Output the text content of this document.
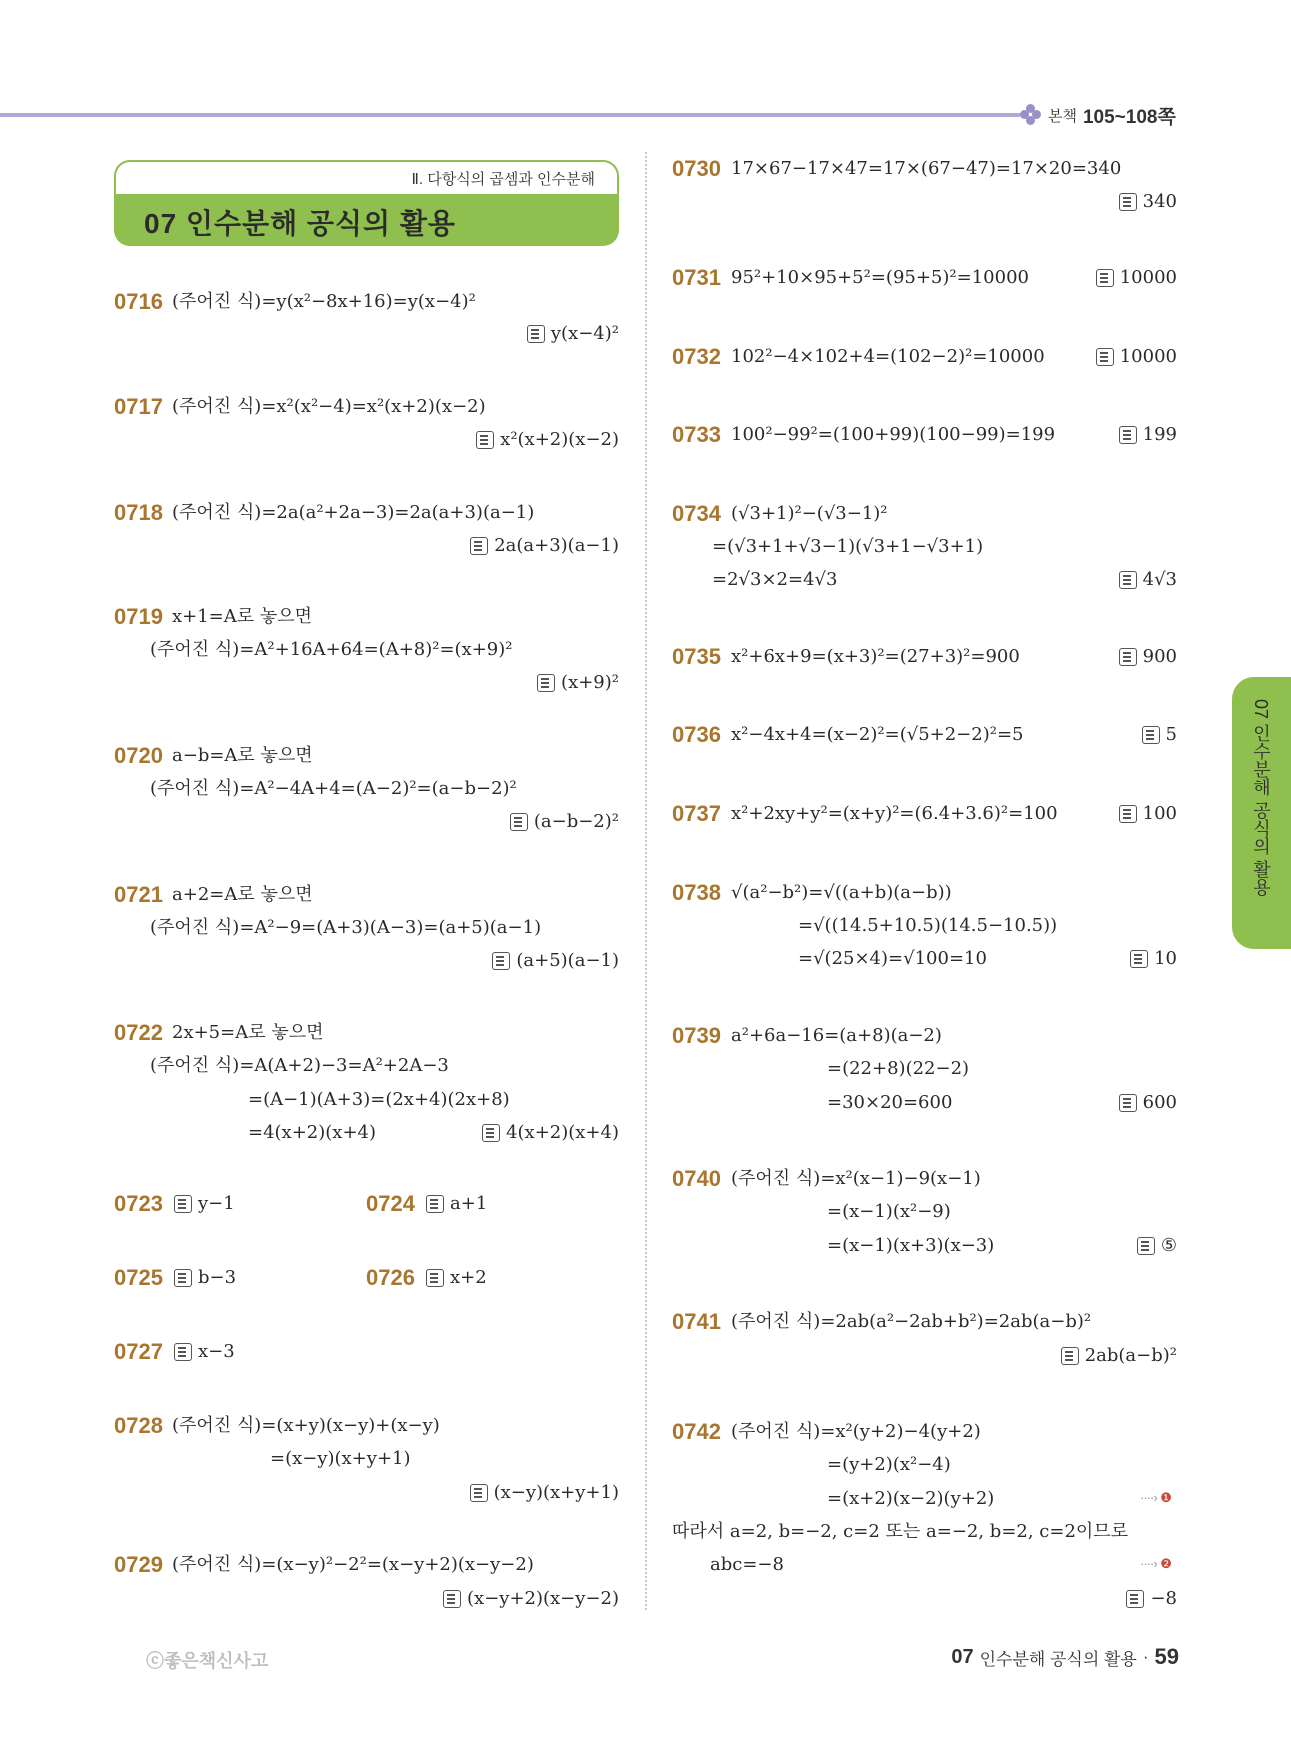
본책 105~108쪽
Ⅱ. 다항식의 곱셈과 인수분해
07 인수분해 공식의 활용
07 인수분해 공식의 활용
0716 (주어진 식)=y(x²−8x+16)=y(x−4)²
y(x−4)²
0717 (주어진 식)=x²(x²−4)=x²(x+2)(x−2)
x²(x+2)(x−2)
0718 (주어진 식)=2a(a²+2a−3)=2a(a+3)(a−1)
2a(a+3)(a−1)
0719 x+1=A로 놓으면
(주어진 식)=A²+16A+64=(A+8)²=(x+9)²
(x+9)²
0720 a−b=A로 놓으면
(주어진 식)=A²−4A+4=(A−2)²=(a−b−2)²
(a−b−2)²
0721 a+2=A로 놓으면
(주어진 식)=A²−9=(A+3)(A−3)=(a+5)(a−1)
(a+5)(a−1)
0722 2x+5=A로 놓으면
(주어진 식)=A(A+2)−3=A²+2A−3
=(A−1)(A+3)=(2x+4)(2x+8)
=4(x+2)(x+4)	4(x+2)(x+4)
0723 y−1	0724 a+1
0725 b−3	0726 x+2
0727 x−3
0728 (주어진 식)=(x+y)(x−y)+(x−y)
=(x−y)(x+y+1)
(x−y)(x+y+1)
0729 (주어진 식)=(x−y)²−2²=(x−y+2)(x−y−2)
(x−y+2)(x−y−2)
0730 17×67−17×47=17×(67−47)=17×20=340
340
0731 95²+10×95+5²=(95+5)²=10000	10000
0732 102²−4×102+4=(102−2)²=10000	10000
0733 100²−99²=(100+99)(100−99)=199	199
0734 (√3+1)²−(√3−1)²
=(√3+1+√3−1)(√3+1−√3+1)
=2√3×2=4√3	4√3
0735 x²+6x+9=(x+3)²=(27+3)²=900	900
0736 x²−4x+4=(x−2)²=(√5+2−2)²=5	5
0737 x²+2xy+y²=(x+y)²=(6.4+3.6)²=100	100
0738 √(a²−b²)=√((a+b)(a−b))
=√((14.5+10.5)(14.5−10.5))
=√(25×4)=√100=10	10
0739 a²+6a−16=(a+8)(a−2)
=(22+8)(22−2)
=30×20=600	600
0740 (주어진 식)=x²(x−1)−9(x−1)
=(x−1)(x²−9)
=(x−1)(x+3)(x−3)	⑤
0741 (주어진 식)=2ab(a²−2ab+b²)=2ab(a−b)²
2ab(a−b)²
0742 (주어진 식)=x²(y+2)−4(y+2)
=(y+2)(x²−4)
=(x+2)(x−2)(y+2)	····› ❶
따라서 a=2, b=−2, c=2 또는 a=−2, b=2, c=2이므로
abc=−8	····› ❷
−8
ⓒ좋은책신사고	07 인수분해 공식의 활용 · 59
